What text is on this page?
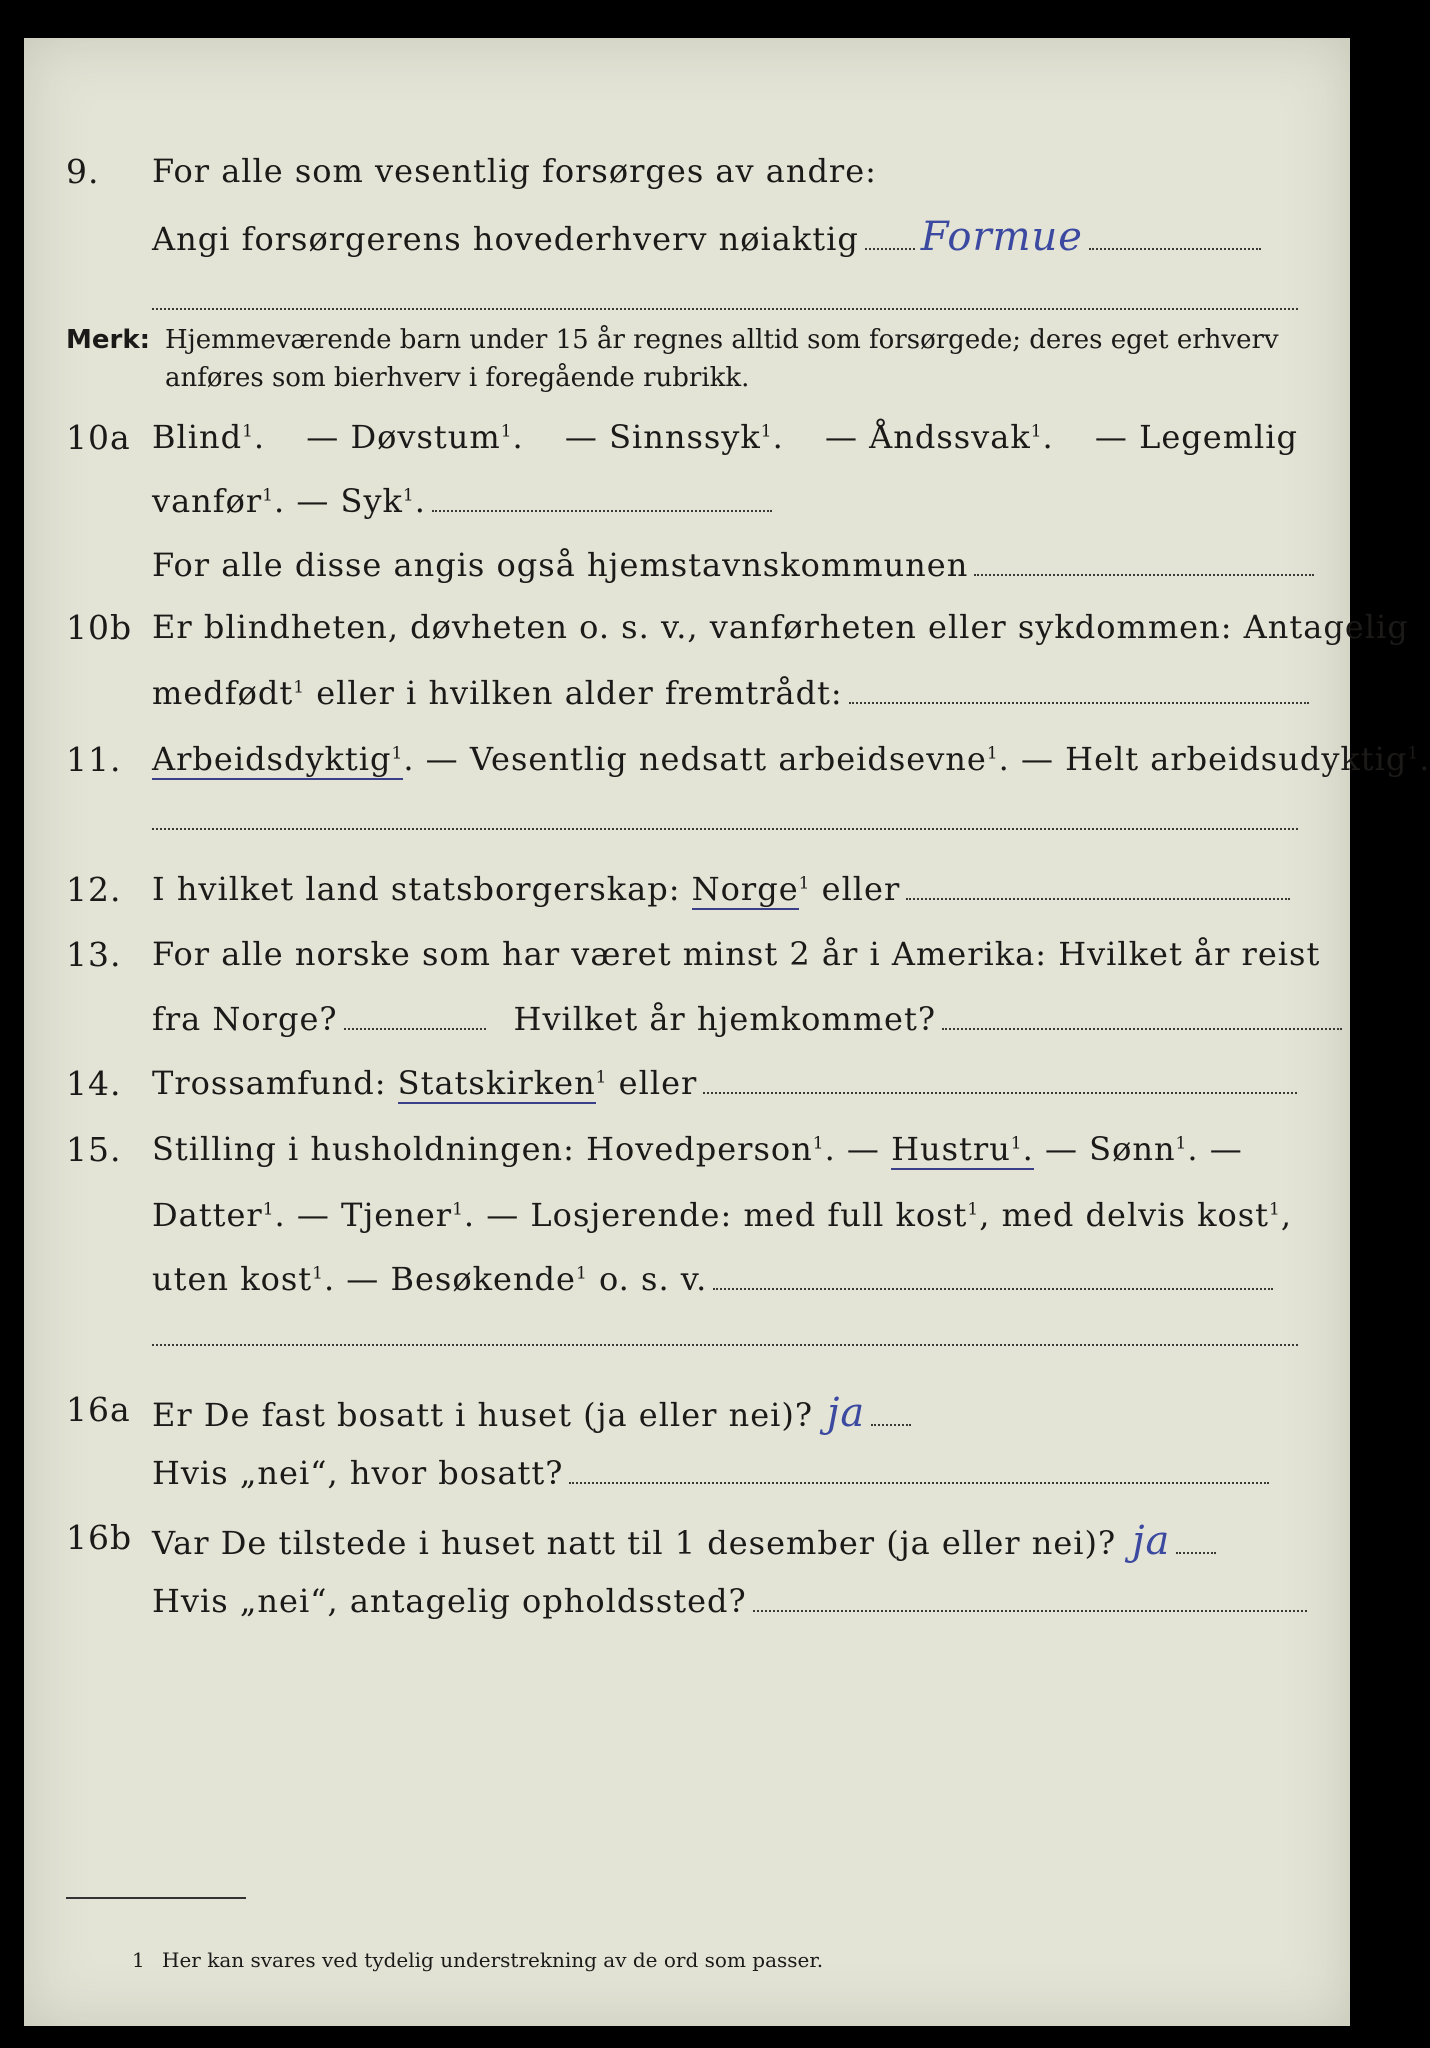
9. For alle som vesentlig forsørges av andre:
Angi forsørgerens hovederhverv nøiaktig Formue
Merk: Hjemmeværende barn under 15 år regnes alltid som forsørgede; deres eget erhverv
anføres som bierhverv i foregående rubrikk.
10a Blind$^1$. — Døvstum$^1$. — Sinnssyk$^1$. — Åndssvak$^1$. — Legemlig
vanfør$^1$. — Syk$^1$.
For alle disse angis også hjemstavnskommunen
10b Er blindheten, døvheten o. s. v., vanførheten eller sykdommen: Antagelig
medfødt$^1$ eller i hvilken alder fremtrådt:
11. Arbeidsdyktig$^1$. — Vesentlig nedsatt arbeidsevne$^1$. — Helt arbeidsudyktig$^1$.
12. I hvilket land statsborgerskap: Norge$^1$ eller
13. For alle norske som har været minst 2 år i Amerika: Hvilket år reist
fra Norge?	Hvilket år hjemkommet?
14. Trossamfund: Statskirken$^1$ eller
15. Stilling i husholdningen: Hovedperson$^1$. — Hustru$^1$. — Sønn$^1$. —
Datter$^1$. — Tjener$^1$. — Losjerende: med full kost$^1$, med delvis kost$^1$,
uten kost$^1$. — Besøkende$^1$ o. s. v.
16a Er De fast bosatt i huset (ja eller nei)? ja
Hvis „nei“, hvor bosatt?
16b Var De tilstede i huset natt til 1 desember (ja eller nei)? ja
Hvis „nei“, antagelig opholdssted?
1 Her kan svares ved tydelig understrekning av de ord som passer.
